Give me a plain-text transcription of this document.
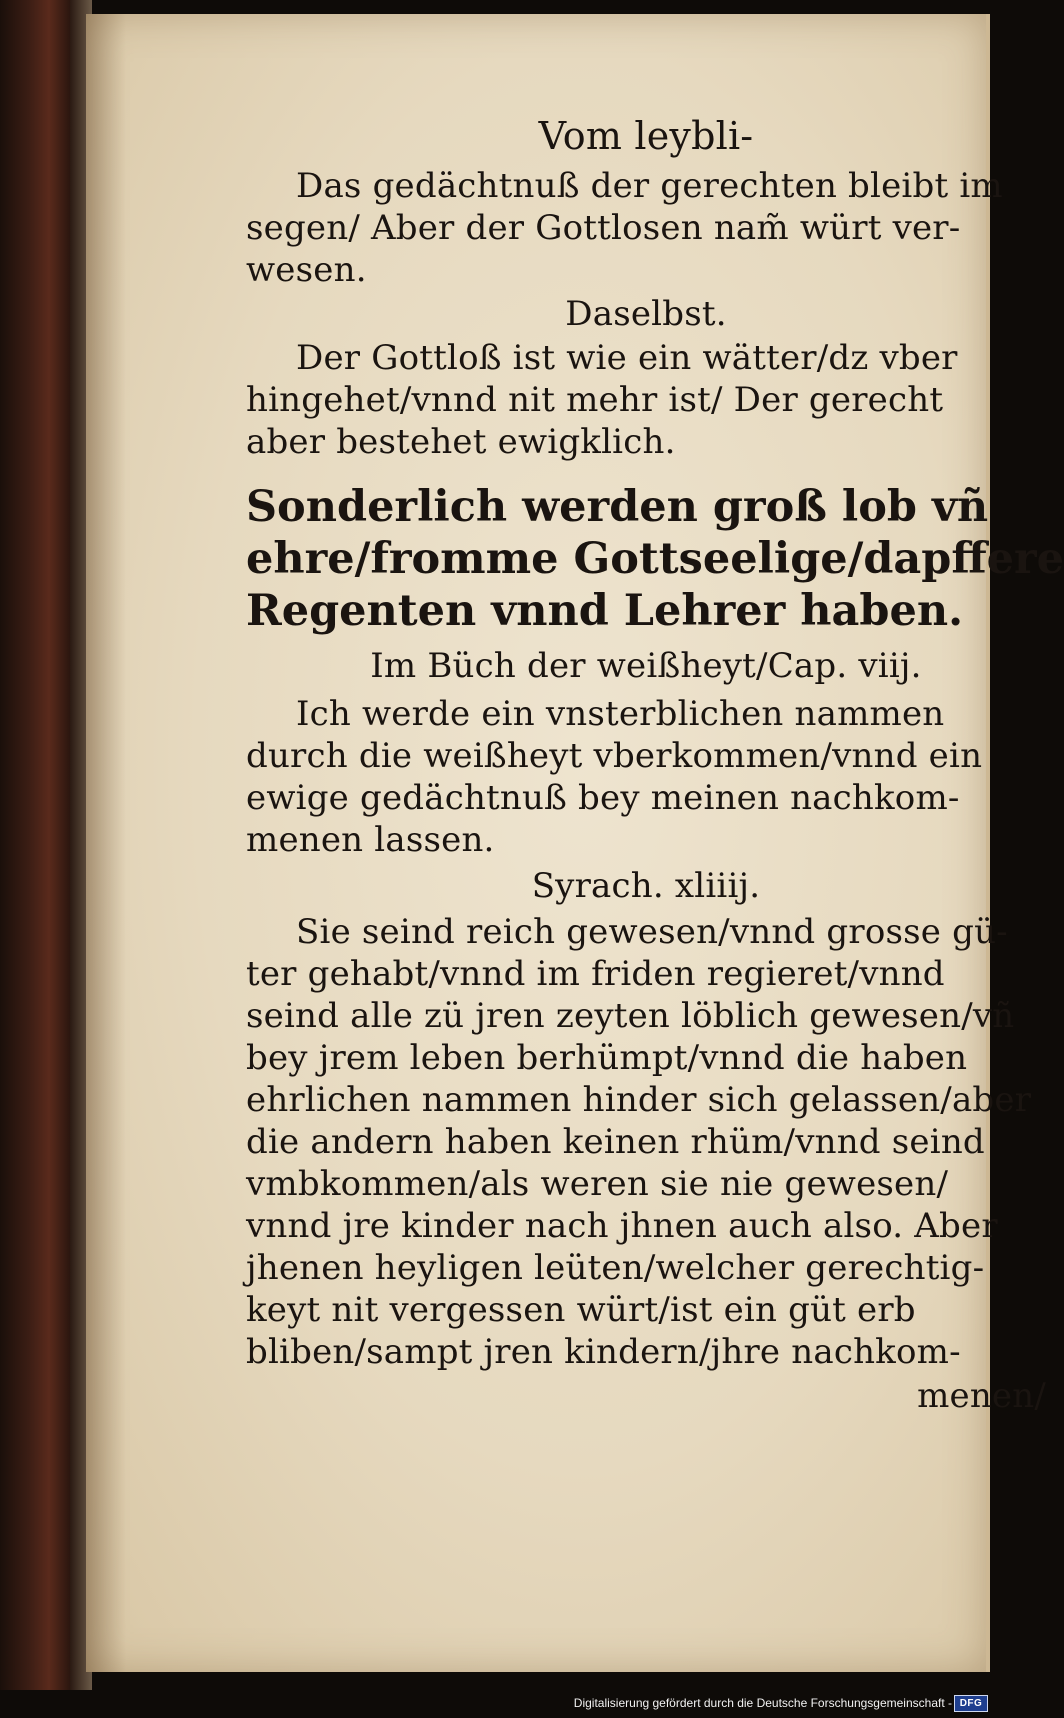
Vom leybli-
Das gedächtnuß der gerechten bleibt im
segen/ Aber der Gottlosen nam̃ würt ver-
wesen.
Daselbst.
Der Gottloß ist wie ein wätter/dz vber
hingehet/vnnd nit mehr ist/ Der gerecht
aber bestehet ewigklich.
Sonderlich werden groß lob vñ
ehre/fromme Gottseelige/dapffere
Regenten vnnd Lehrer haben.
Im Büch der weißheyt/Cap. viij.
Ich werde ein vnsterblichen nammen
durch die weißheyt vberkommen/vnnd ein
ewige gedächtnuß bey meinen nachkom-
menen lassen.
Syrach. xliiij.
Sie seind reich gewesen/vnnd grosse gü-
ter gehabt/vnnd im friden regieret/vnnd
seind alle zü jren zeyten löblich gewesen/vñ
bey jrem leben berhümpt/vnnd die haben
ehrlichen nammen hinder sich gelassen/aber
die andern haben keinen rhüm/vnnd seind
vmbkommen/als weren sie nie gewesen/
vnnd jre kinder nach jhnen auch also. Aber
jhenen heyligen leüten/welcher gerechtig-
keyt nit vergessen würt/ist ein güt erb
bliben/sampt jren kindern/jhre nachkom-
menen/
Digitalisierung gefördert durch die Deutsche Forschungsgemeinschaft - DFG
